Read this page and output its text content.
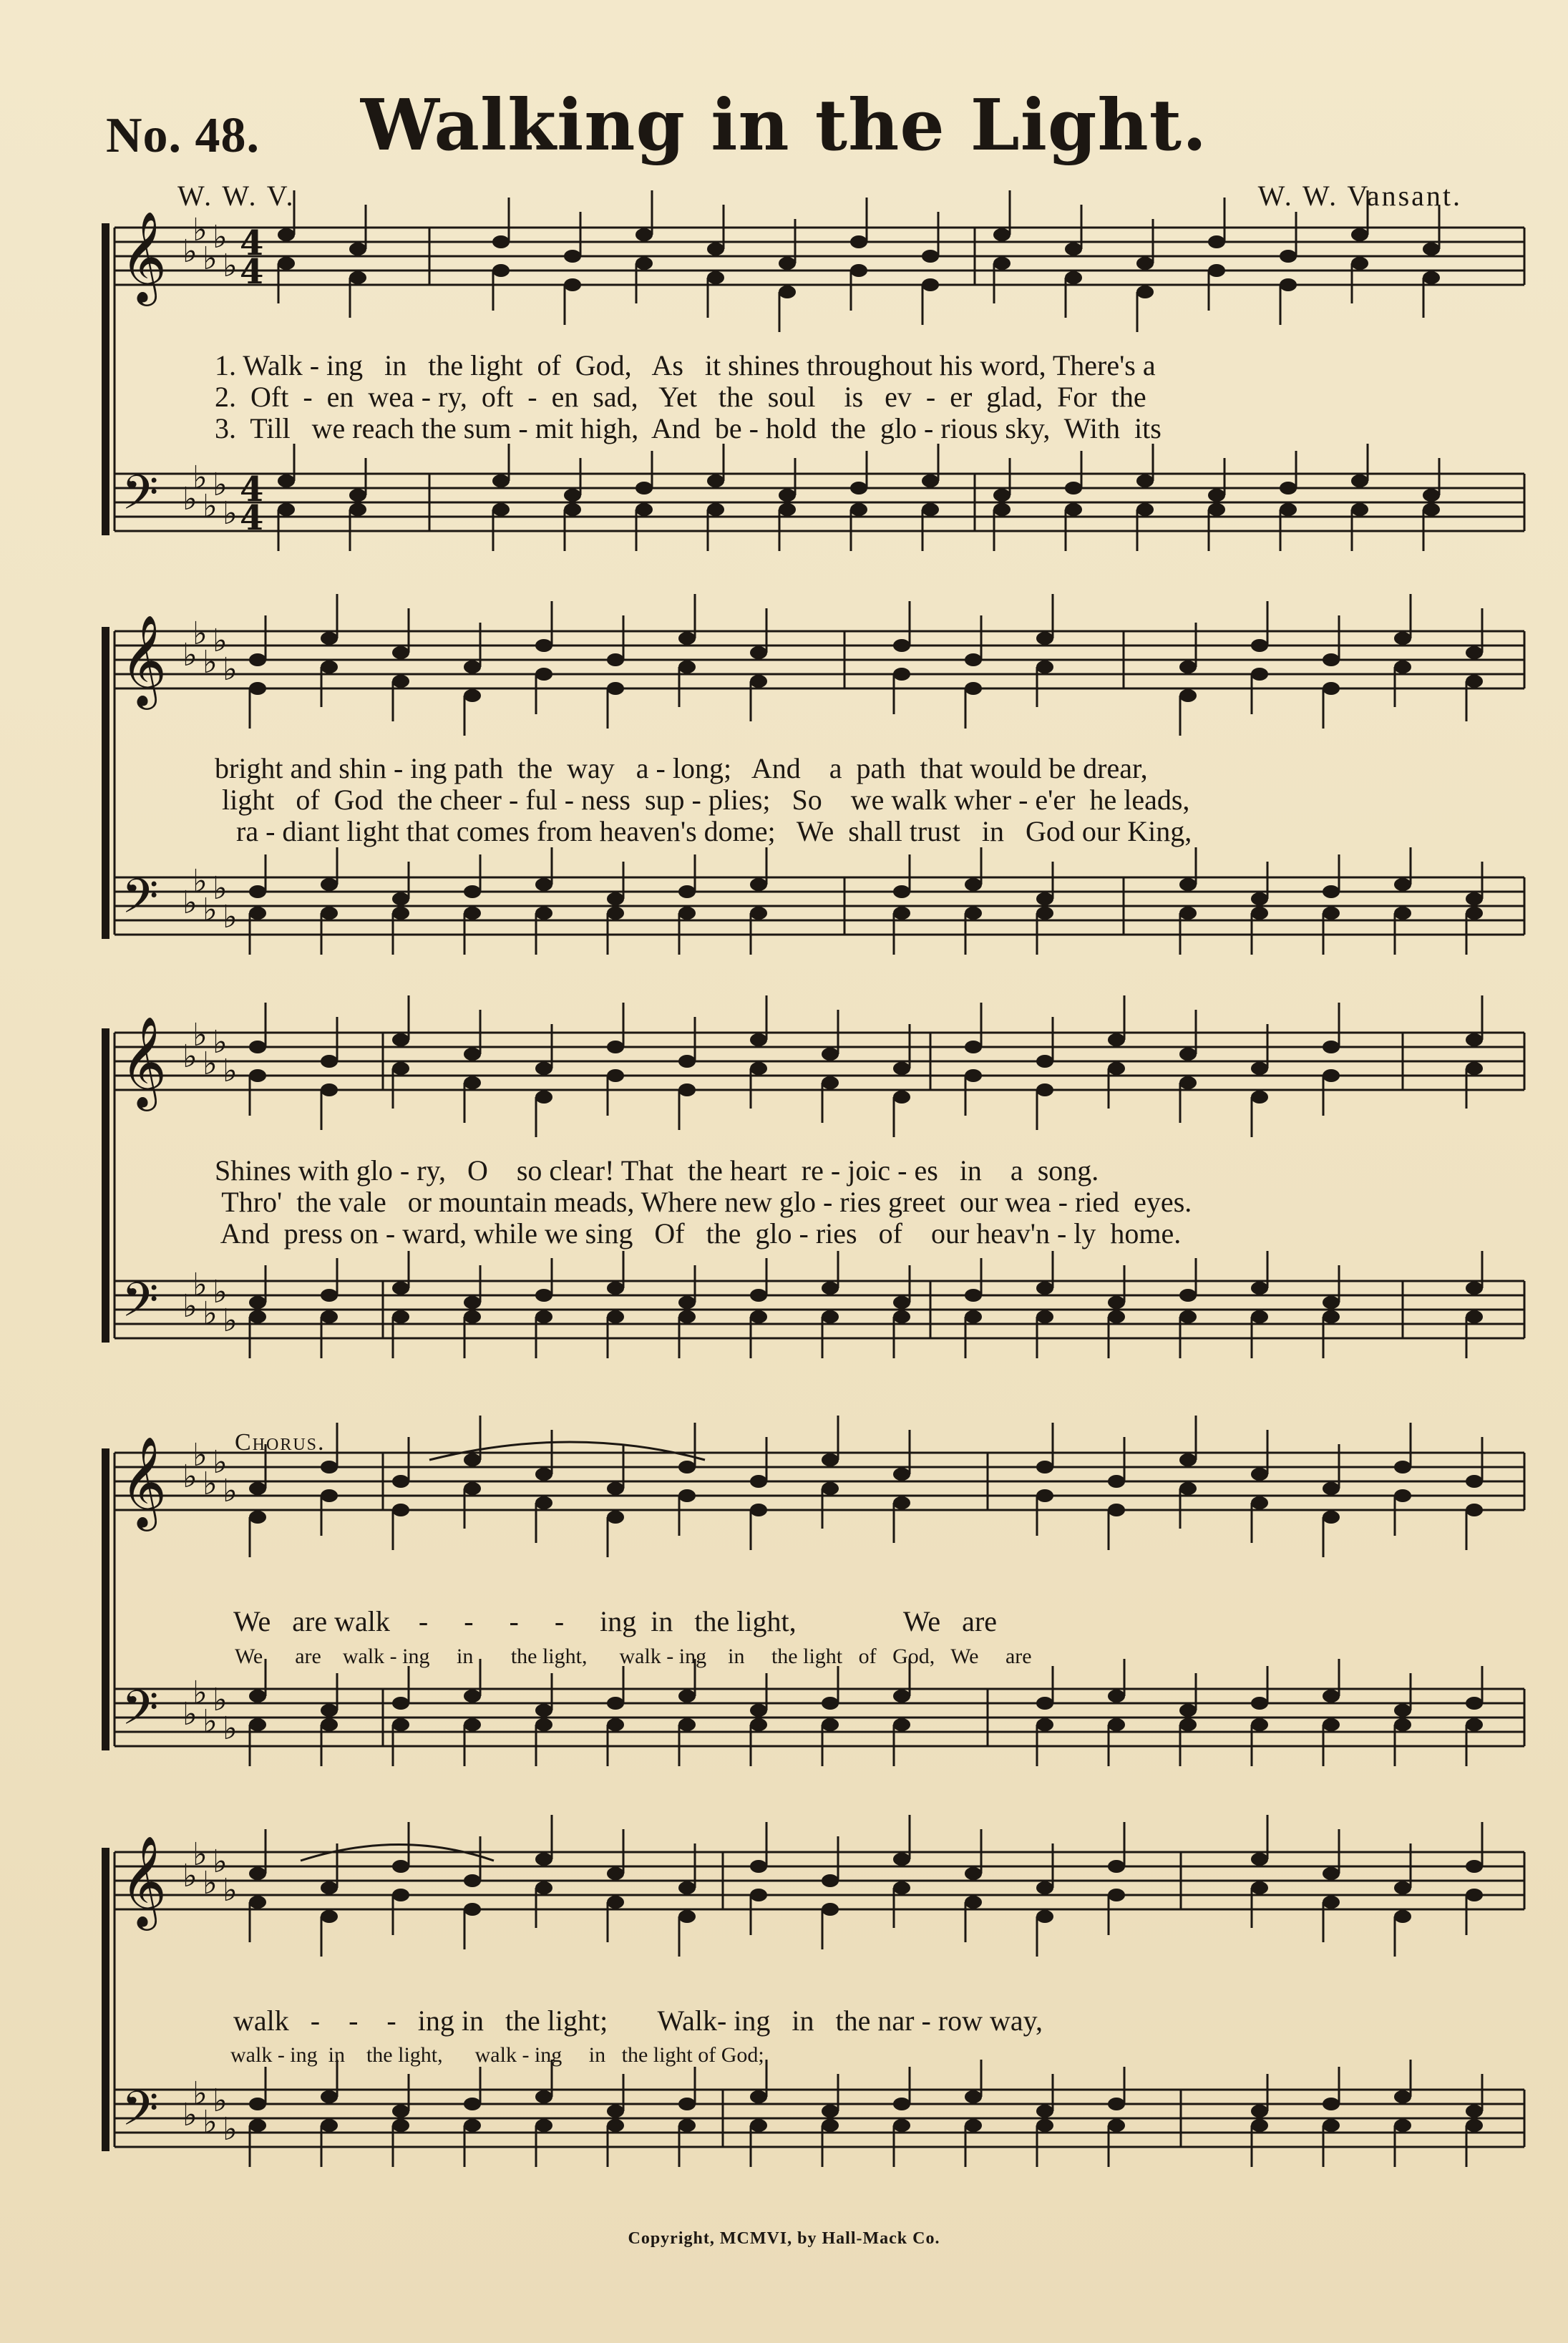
𝄞
𝄢
♭
♭
♭
♭
♭
♭
♭
♭
♭
♭
4
4
4
4
𝄞
𝄢
♭
♭
♭
♭
♭
♭
♭
♭
♭
♭
𝄞
𝄢
♭
♭
♭
♭
♭
♭
♭
♭
♭
♭
𝄞
𝄢
♭
♭
♭
♭
♭
♭
♭
♭
♭
♭
𝄞
𝄢
♭
♭
♭
♭
♭
♭
♭
♭
♭
♭
No. 48.	Walking in the Light.
W. W. V.	W. W. Vansant.
1. Walk - ing   in   the light  of  God,   As   it shines throughout his word, There's a
2.  Oft  -  en  wea - ry,  oft  -  en  sad,   Yet   the  soul    is   ev  -  er  glad,  For  the
3.  Till   we reach the sum - mit high,  And  be - hold  the  glo - rious sky,  With  its
bright and shin - ing path  the  way   a - long;   And    a  path  that would be drear,
light   of  God  the cheer - ful - ness  sup - plies;   So    we walk wher - e'er  he leads,
ra - diant light that comes from heaven's dome;   We  shall trust   in   God our King,
Shines with glo - ry,   O    so clear! That  the heart  re - joic - es   in    a  song.
Thro'  the vale   or mountain meads, Where new glo - ries greet  our wea - ried  eyes.
And  press on - ward, while we sing   Of   the  glo - ries   of    our heav'n - ly  home.
Chorus.
We   are walk    -     -     -     -     ing  in   the light,               We   are
We      are    walk - ing     in       the light,      walk - ing    in     the light   of   God,   We     are
walk   -    -    -   ing in   the light;       Walk- ing   in   the nar - row way,
walk - ing  in    the light,      walk - ing     in   the light of God;
Copyright, MCMVI, by Hall-Mack Co.
